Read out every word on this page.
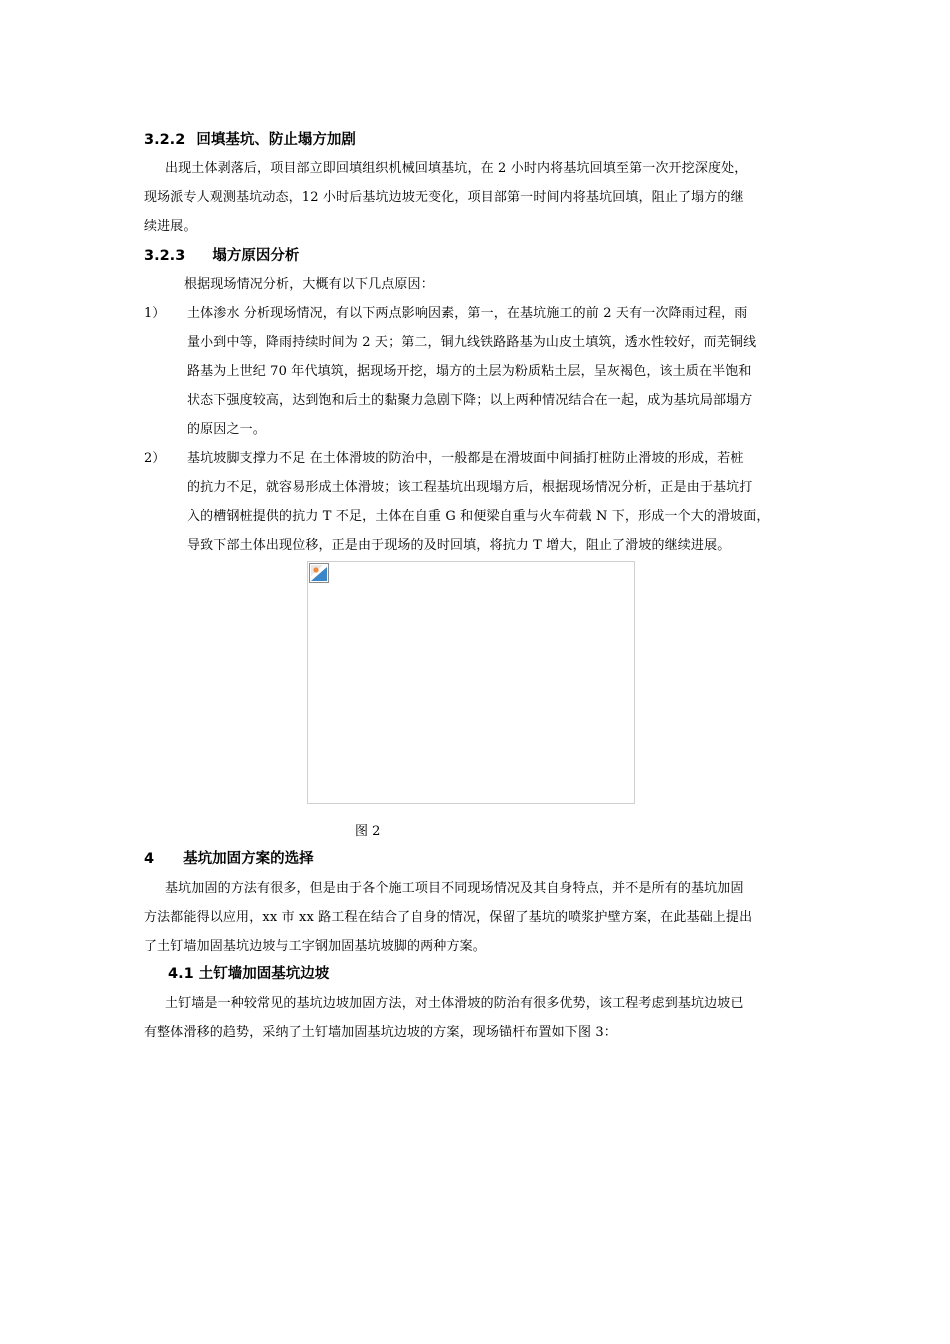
3.2.2 回填基坑、防止塌方加剧
出现土体剥落后，项目部立即回填组织机械回填基坑，在 2 小时内将基坑回填至第一次开挖深度处，
现场派专人观测基坑动态，12 小时后基坑边坡无变化，项目部第一时间内将基坑回填，阻止了塌方的继
续进展。
3.2.3 塌方原因分析
根据现场情况分析，大概有以下几点原因：
1） 土体渗水 分析现场情况，有以下两点影响因素，第一，在基坑施工的前 2 天有一次降雨过程，雨
量小到中等，降雨持续时间为 2 天；第二，铜九线铁路路基为山皮土填筑，透水性较好，而芜铜线
路基为上世纪 70 年代填筑，据现场开挖，塌方的土层为粉质粘土层，呈灰褐色，该土质在半饱和
状态下强度较高，达到饱和后土的黏聚力急剧下降；以上两种情况结合在一起，成为基坑局部塌方
的原因之一。
2） 基坑坡脚支撑力不足 在土体滑坡的防治中，一般都是在滑坡面中间插打桩防止滑坡的形成，若桩
的抗力不足，就容易形成土体滑坡；该工程基坑出现塌方后，根据现场情况分析，正是由于基坑打
入的槽钢桩提供的抗力 T 不足，土体在自重 G 和便梁自重与火车荷载 N 下，形成一个大的滑坡面，
导致下部土体出现位移，正是由于现场的及时回填，将抗力 T 增大，阻止了滑坡的继续进展。
图 2
4 基坑加固方案的选择
基坑加固的方法有很多，但是由于各个施工项目不同现场情况及其自身特点，并不是所有的基坑加固
方法都能得以应用，xx 市 xx 路工程在结合了自身的情况，保留了基坑的喷浆护壁方案，在此基础上提出
了土钉墙加固基坑边坡与工字钢加固基坑坡脚的两种方案。
4.1 土钉墙加固基坑边坡
土钉墙是一种较常见的基坑边坡加固方法，对土体滑坡的防治有很多优势，该工程考虑到基坑边坡已
有整体滑移的趋势，采纳了土钉墙加固基坑边坡的方案，现场锚杆布置如下图 3：
